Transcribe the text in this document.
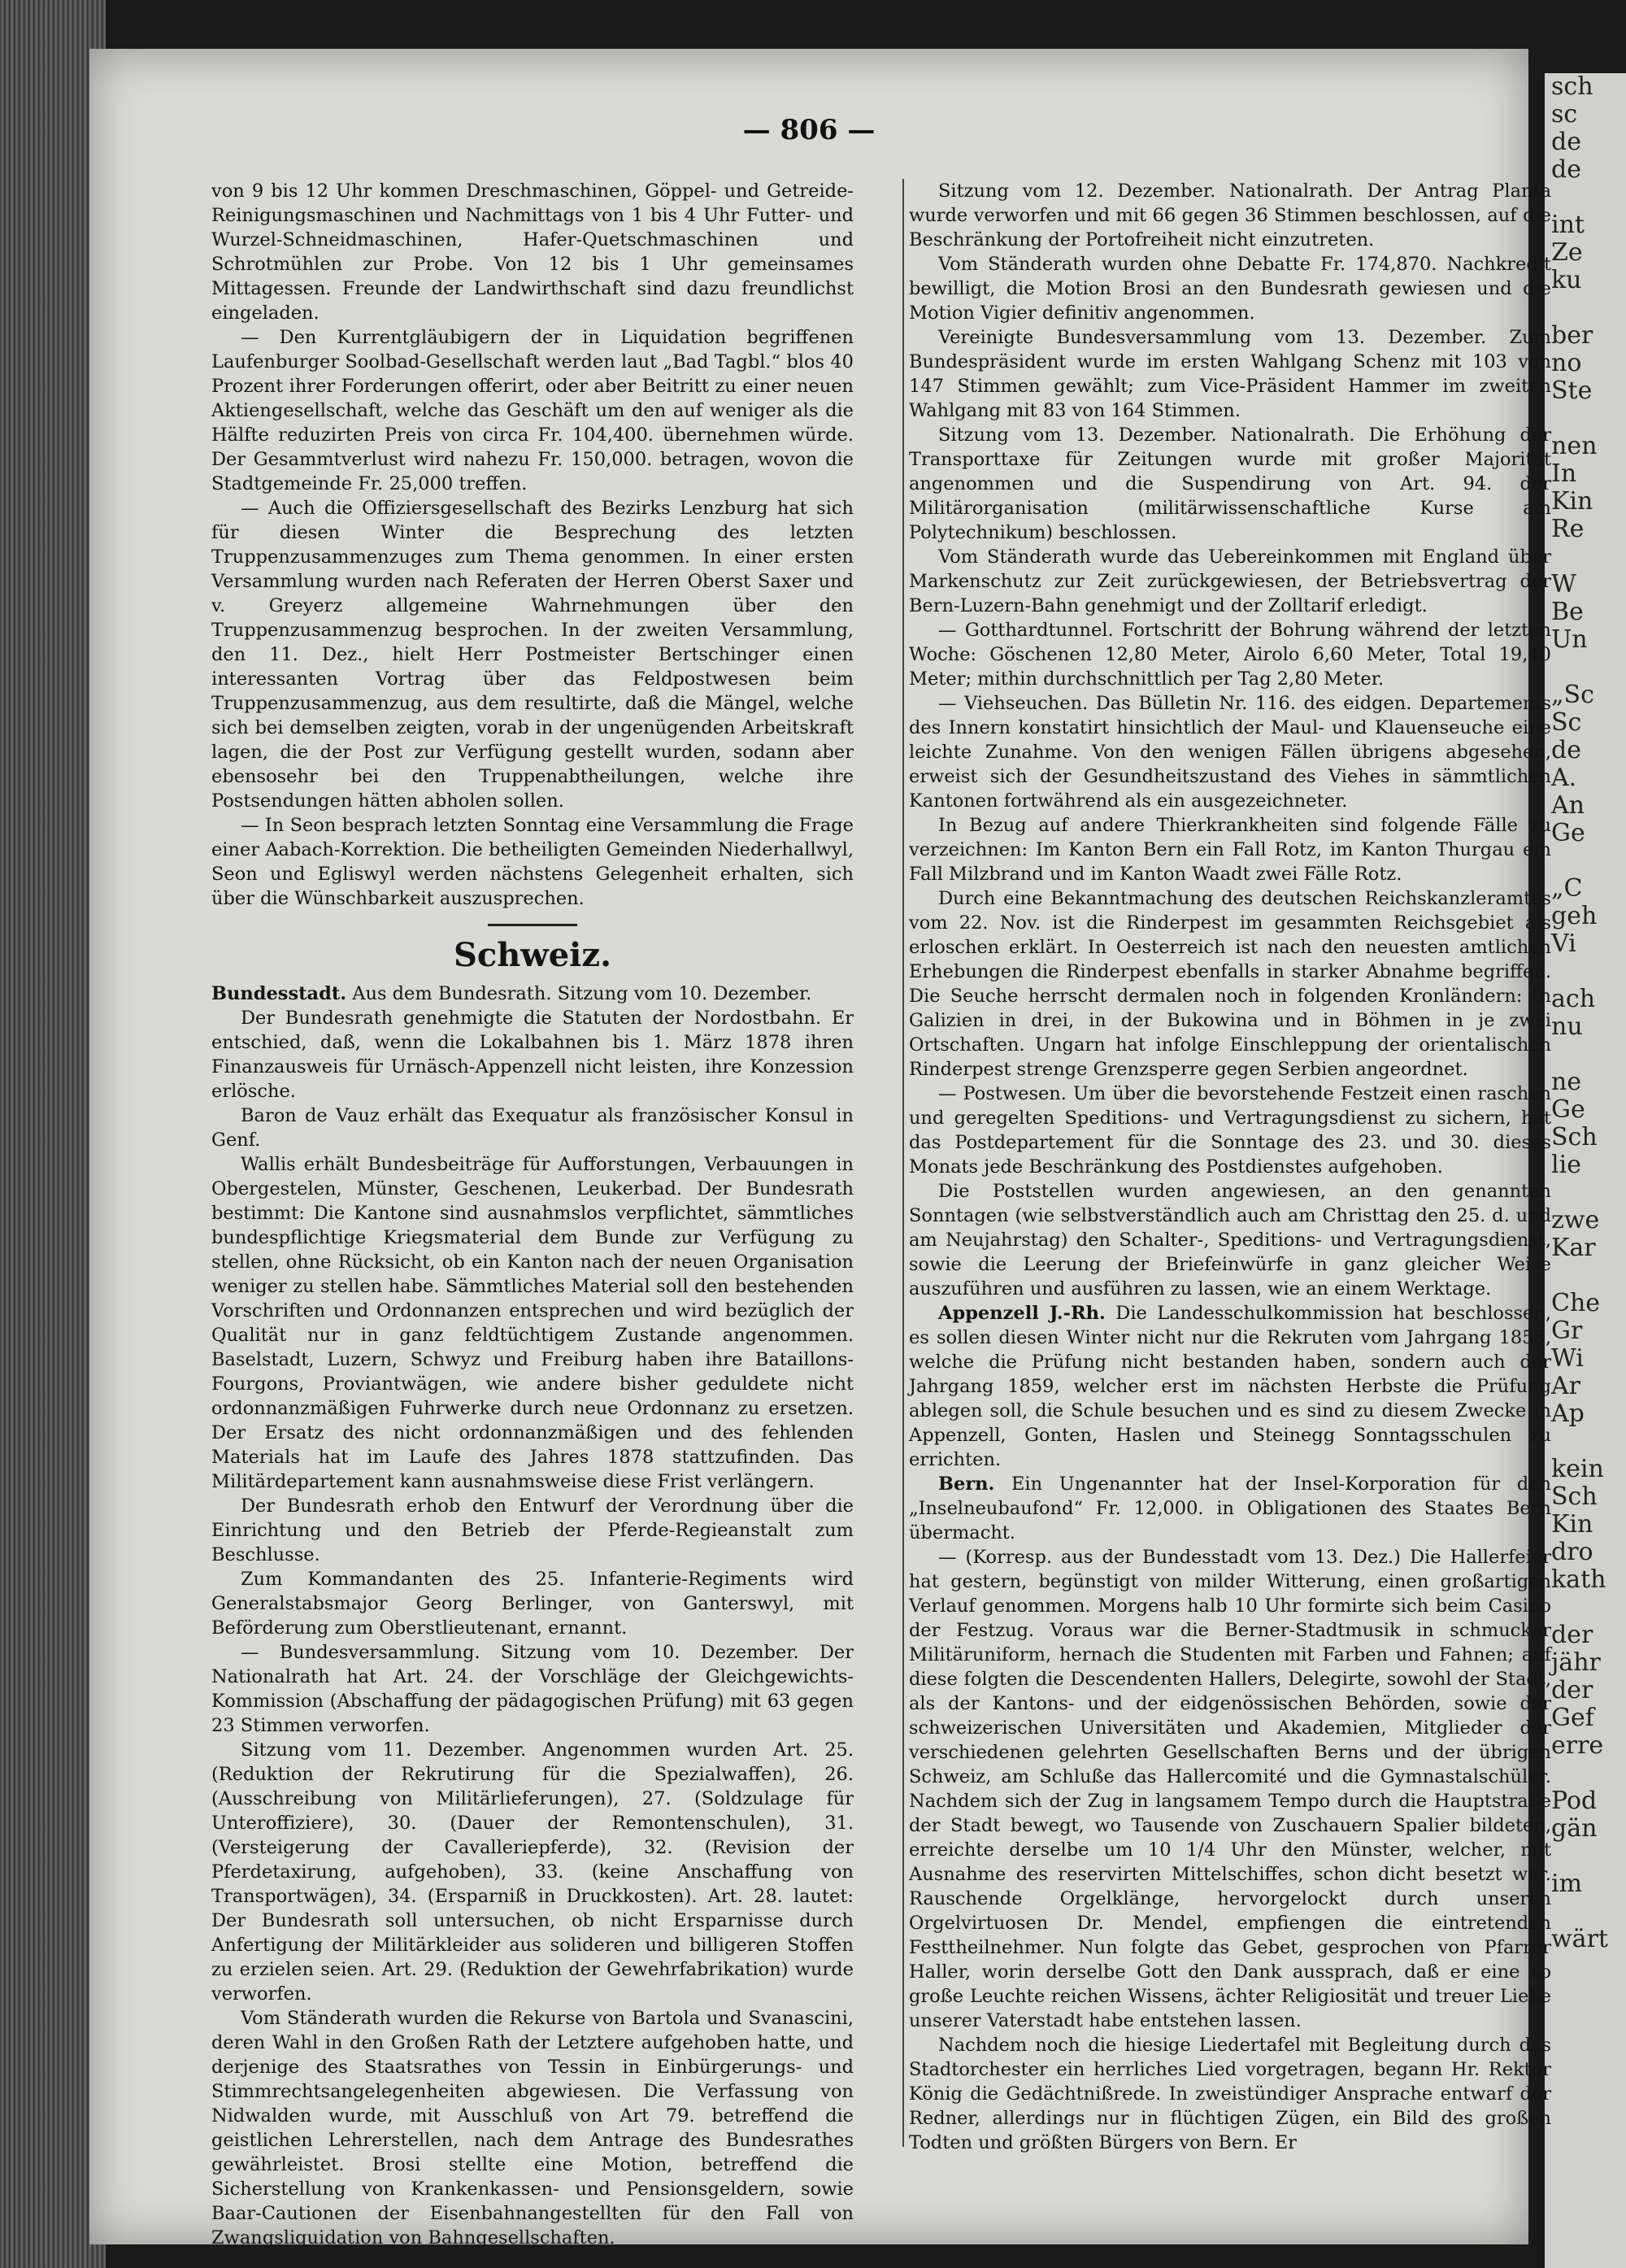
sch
sc
de
de

int
Ze
ku

ber
no
Ste

nen
In
Kin
Re

W
Be
Un

„Sc
Sc
de
A.
An
Ge

„C
geh
Vi

ach
nu

ne
Ge
Sch
lie

zwe
Kar

Che
Gr
Wi
Ar
Ap

kein
Sch
Kin
dro
kath

der
jähr
der
Gef
erre

Pod
gän

im

wärt
— 806 —

von 9 bis 12 Uhr kommen Dreschmaschinen, Göppel- und Getreide-Reinigungsmaschinen und Nachmittags von 1 bis 4 Uhr Futter- und Wurzel-Schneidmaschinen, Hafer-Quetschmaschinen und Schrotmühlen zur Probe. Von 12 bis 1 Uhr gemeinsames Mittagessen. Freunde der Landwirthschaft sind dazu freundlichst eingeladen.

— Den Kurrentgläubigern der in Liquidation begriffenen Laufenburger Soolbad-Gesellschaft werden laut „Bad Tagbl.“ blos 40 Prozent ihrer Forderungen offerirt, oder aber Beitritt zu einer neuen Aktiengesellschaft, welche das Geschäft um den auf weniger als die Hälfte reduzirten Preis von circa Fr. 104,400. übernehmen würde. Der Gesammtverlust wird nahezu Fr. 150,000. betragen, wovon die Stadtgemeinde Fr. 25,000 treffen.

— Auch die Offiziersgesellschaft des Bezirks Lenzburg hat sich für diesen Winter die Besprechung des letzten Truppenzusammenzuges zum Thema genommen. In einer ersten Versammlung wurden nach Referaten der Herren Oberst Saxer und v. Greyerz allgemeine Wahrnehmungen über den Truppenzusammenzug besprochen. In der zweiten Versammlung, den 11. Dez., hielt Herr Postmeister Bertschinger einen interessanten Vortrag über das Feldpostwesen beim Truppenzusammenzug, aus dem resultirte, daß die Mängel, welche sich bei demselben zeigten, vorab in der ungenügenden Arbeitskraft lagen, die der Post zur Verfügung gestellt wurden, sodann aber ebensosehr bei den Truppenabtheilungen, welche ihre Postsendungen hätten abholen sollen.

— In Seon besprach letzten Sonntag eine Versammlung die Frage einer Aabach-Korrektion. Die betheiligten Gemeinden Niederhallwyl, Seon und Egliswyl werden nächstens Gelegenheit erhalten, sich über die Wünschbarkeit auszusprechen.

Schweiz.

Bundesstadt. Aus dem Bundesrath. Sitzung vom 10. Dezember.

Der Bundesrath genehmigte die Statuten der Nordostbahn. Er entschied, daß, wenn die Lokalbahnen bis 1. März 1878 ihren Finanzausweis für Urnäsch-Appenzell nicht leisten, ihre Konzession erlösche.

Baron de Vauz erhält das Exequatur als französischer Konsul in Genf.

Wallis erhält Bundesbeiträge für Aufforstungen, Verbauungen in Obergestelen, Münster, Geschenen, Leukerbad. Der Bundesrath bestimmt: Die Kantone sind ausnahmslos verpflichtet, sämmtliches bundespflichtige Kriegsmaterial dem Bunde zur Verfügung zu stellen, ohne Rücksicht, ob ein Kanton nach der neuen Organisation weniger zu stellen habe. Sämmtliches Material soll den bestehenden Vorschriften und Ordonnanzen entsprechen und wird bezüglich der Qualität nur in ganz feldtüchtigem Zustande angenommen. Baselstadt, Luzern, Schwyz und Freiburg haben ihre Bataillons-Fourgons, Proviantwägen, wie andere bisher geduldete nicht ordonnanzmäßigen Fuhrwerke durch neue Ordonnanz zu ersetzen. Der Ersatz des nicht ordonnanzmäßigen und des fehlenden Materials hat im Laufe des Jahres 1878 stattzufinden. Das Militärdepartement kann ausnahmsweise diese Frist verlängern.

Der Bundesrath erhob den Entwurf der Verordnung über die Einrichtung und den Betrieb der Pferde-Regieanstalt zum Beschlusse.

Zum Kommandanten des 25. Infanterie-Regiments wird Generalstabsmajor Georg Berlinger, von Ganterswyl, mit Beförderung zum Oberstlieutenant, ernannt.

— Bundesversammlung. Sitzung vom 10. Dezember. Der Nationalrath hat Art. 24. der Vorschläge der Gleichgewichts-Kommission (Abschaffung der pädagogischen Prüfung) mit 63 gegen 23 Stimmen verworfen.

Sitzung vom 11. Dezember. Angenommen wurden Art. 25. (Reduktion der Rekrutirung für die Spezialwaffen), 26. (Ausschreibung von Militärlieferungen), 27. (Soldzulage für Unteroffiziere), 30. (Dauer der Remontenschulen), 31. (Versteigerung der Cavalleriepferde), 32. (Revision der Pferdetaxirung, aufgehoben), 33. (keine Anschaffung von Transportwägen), 34. (Ersparniß in Druckkosten). Art. 28. lautet: Der Bundesrath soll untersuchen, ob nicht Ersparnisse durch Anfertigung der Militärkleider aus solideren und billigeren Stoffen zu erzielen seien. Art. 29. (Reduktion der Gewehrfabrikation) wurde verworfen.

Vom Ständerath wurden die Rekurse von Bartola und Svanascini, deren Wahl in den Großen Rath der Letztere aufgehoben hatte, und derjenige des Staatsrathes von Tessin in Einbürgerungs- und Stimmrechtsangelegenheiten abgewiesen. Die Verfassung von Nidwalden wurde, mit Ausschluß von Art 79. betreffend die geistlichen Lehrerstellen, nach dem Antrage des Bundesrathes gewährleistet. Brosi stellte eine Motion, betreffend die Sicherstellung von Krankenkassen- und Pensionsgeldern, sowie Baar-Cautionen der Eisenbahnangestellten für den Fall von Zwangsliquidation von Bahngesellschaften.

Sitzung vom 12. Dezember. Nationalrath. Der Antrag Planta wurde verworfen und mit 66 gegen 36 Stimmen beschlossen, auf die Beschränkung der Portofreiheit nicht einzutreten.

Vom Ständerath wurden ohne Debatte Fr. 174,870. Nachkredit bewilligt, die Motion Brosi an den Bundesrath gewiesen und die Motion Vigier definitiv angenommen.

Vereinigte Bundesversammlung vom 13. Dezember. Zum Bundespräsident wurde im ersten Wahlgang Schenz mit 103 von 147 Stimmen gewählt; zum Vice-Präsident Hammer im zweiten Wahlgang mit 83 von 164 Stimmen.

Sitzung vom 13. Dezember. Nationalrath. Die Erhöhung der Transporttaxe für Zeitungen wurde mit großer Majorität angenommen und die Suspendirung von Art. 94. der Militärorganisation (militärwissenschaftliche Kurse am Polytechnikum) beschlossen.

Vom Ständerath wurde das Uebereinkommen mit England über Markenschutz zur Zeit zurückgewiesen, der Betriebsvertrag der Bern-Luzern-Bahn genehmigt und der Zolltarif erledigt.

— Gotthardtunnel. Fortschritt der Bohrung während der letzten Woche: Göschenen 12,80 Meter, Airolo 6,60 Meter, Total 19,40 Meter; mithin durchschnittlich per Tag 2,80 Meter.

— Viehseuchen. Das Bülletin Nr. 116. des eidgen. Departements des Innern konstatirt hinsichtlich der Maul- und Klauenseuche eine leichte Zunahme. Von den wenigen Fällen übrigens abgesehen, erweist sich der Gesundheitszustand des Viehes in sämmtlichen Kantonen fortwährend als ein ausgezeichneter.

In Bezug auf andere Thierkrankheiten sind folgende Fälle zu verzeichnen: Im Kanton Bern ein Fall Rotz, im Kanton Thurgau ein Fall Milzbrand und im Kanton Waadt zwei Fälle Rotz.

Durch eine Bekanntmachung des deutschen Reichskanzleramtes vom 22. Nov. ist die Rinderpest im gesammten Reichsgebiet als erloschen erklärt. In Oesterreich ist nach den neuesten amtlichen Erhebungen die Rinderpest ebenfalls in starker Abnahme begriffen. Die Seuche herrscht dermalen noch in folgenden Kronländern: In Galizien in drei, in der Bukowina und in Böhmen in je zwei Ortschaften. Ungarn hat infolge Einschleppung der orientalischen Rinderpest strenge Grenzsperre gegen Serbien angeordnet.

— Postwesen. Um über die bevorstehende Festzeit einen raschen und geregelten Speditions- und Vertragungsdienst zu sichern, hat das Postdepartement für die Sonntage des 23. und 30. dieses Monats jede Beschränkung des Postdienstes aufgehoben.

Die Poststellen wurden angewiesen, an den genannten Sonntagen (wie selbstverständlich auch am Christtag den 25. d. und am Neujahrstag) den Schalter-, Speditions- und Vertragungsdienst, sowie die Leerung der Briefeinwürfe in ganz gleicher Weise auszuführen und ausführen zu lassen, wie an einem Werktage.

Appenzell J.-Rh. Die Landesschulkommission hat beschlossen, es sollen diesen Winter nicht nur die Rekruten vom Jahrgang 1858, welche die Prüfung nicht bestanden haben, sondern auch der Jahrgang 1859, welcher erst im nächsten Herbste die Prüfung ablegen soll, die Schule besuchen und es sind zu diesem Zwecke in Appenzell, Gonten, Haslen und Steinegg Sonntagsschulen zu errichten.

Bern. Ein Ungenannter hat der Insel-Korporation für den „Inselneubaufond“ Fr. 12,000. in Obligationen des Staates Bern übermacht.

— (Korresp. aus der Bundesstadt vom 13. Dez.) Die Hallerfeier hat gestern, begünstigt von milder Witterung, einen großartigen Verlauf genommen. Morgens halb 10 Uhr formirte sich beim Casino der Festzug. Voraus war die Berner-Stadtmusik in schmucker Militäruniform, hernach die Studenten mit Farben und Fahnen; auf diese folgten die Descendenten Hallers, Delegirte, sowohl der Stadt, als der Kantons- und der eidgenössischen Behörden, sowie der schweizerischen Universitäten und Akademien, Mitglieder der verschiedenen gelehrten Gesellschaften Berns und der übrigen Schweiz, am Schluße das Hallercomité und die Gymnastalschüler. Nachdem sich der Zug in langsamem Tempo durch die Hauptstraße der Stadt bewegt, wo Tausende von Zuschauern Spalier bildeten, erreichte derselbe um 10 1/4 Uhr den Münster, welcher, mit Ausnahme des reservirten Mittelschiffes, schon dicht besetzt war. Rauschende Orgelklänge, hervorgelockt durch unseren Orgelvirtuosen Dr. Mendel, empfiengen die eintretenden Festtheilnehmer. Nun folgte das Gebet, gesprochen von Pfarrer Haller, worin derselbe Gott den Dank aussprach, daß er eine so große Leuchte reichen Wissens, ächter Religiosität und treuer Liebe unserer Vaterstadt habe entstehen lassen.

Nachdem noch die hiesige Liedertafel mit Begleitung durch das Stadtorchester ein herrliches Lied vorgetragen, begann Hr. Rektor König die Gedächtnißrede. In zweistündiger Ansprache entwarf der Redner, allerdings nur in flüchtigen Zügen, ein Bild des großen Todten und größten Bürgers von Bern. Er
